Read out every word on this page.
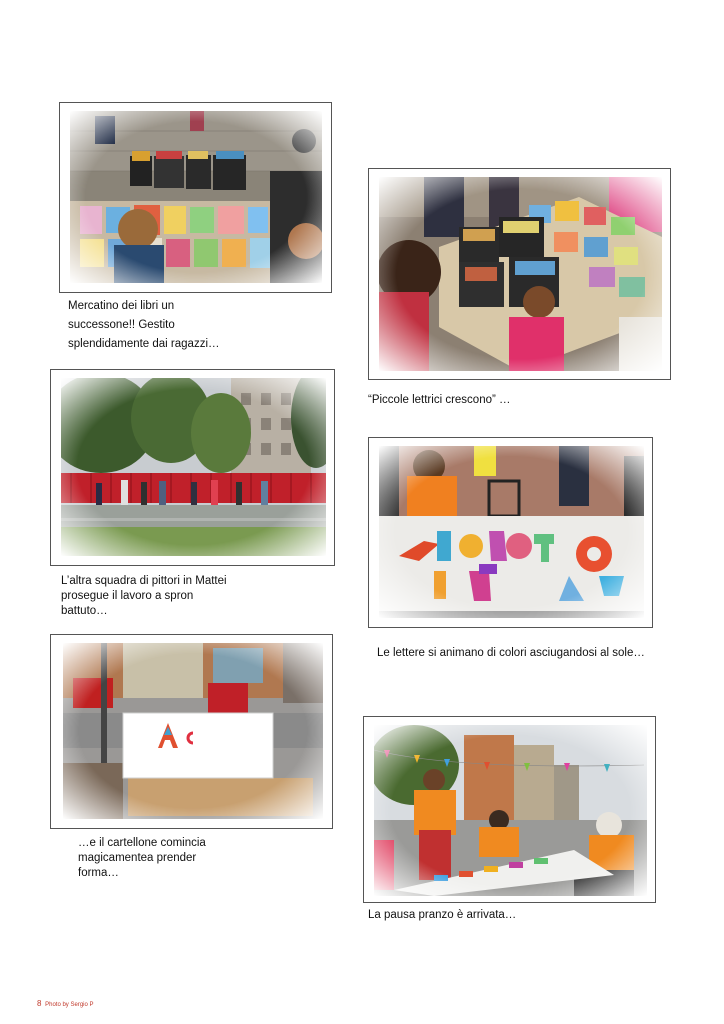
Mercatino dei libri un
successone!! Gestito
splendidamente dai ragazzi…
“Piccole lettrici crescono” …
L’altra squadra di pittori in Mattei
prosegue il lavoro a spron
battuto…
Le lettere si animano di colori asciugandosi al sole…
…e il cartellone comincia
magicamentea prender
forma…
La pausa pranzo è arrivata…
8 Photo by Sergio P
